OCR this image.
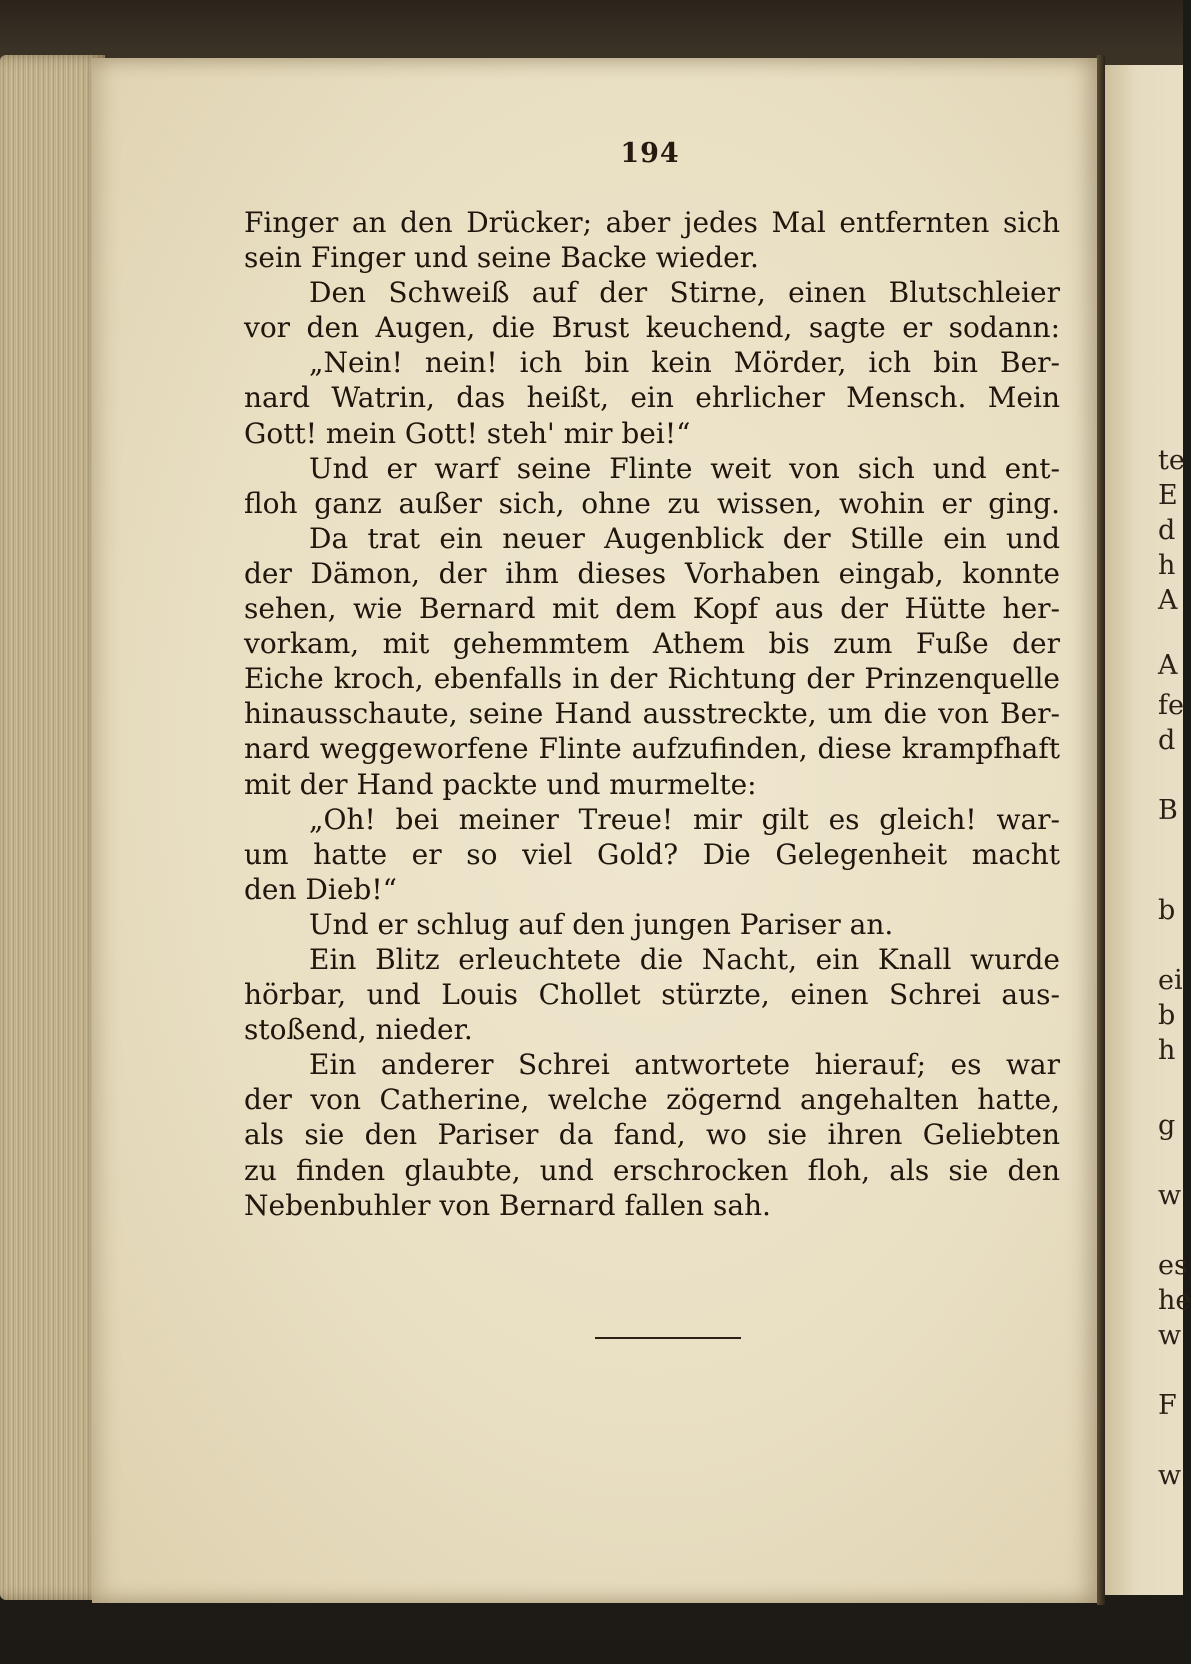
te
E
d
h
A
A
fe
d
B
b
ei
b
h
g
w
es
he
w
F
w
194
Finger an den Drücker; aber jedes Mal entfernten sich
sein Finger und seine Backe wieder.
Den Schweiß auf der Stirne, einen Blutschleier
vor den Augen, die Brust keuchend, sagte er sodann:
„Nein! nein! ich bin kein Mörder, ich bin Ber-
nard Watrin, das heißt, ein ehrlicher Mensch. Mein
Gott! mein Gott! steh' mir bei!“
Und er warf seine Flinte weit von sich und ent-
floh ganz außer sich, ohne zu wissen, wohin er ging.
Da trat ein neuer Augenblick der Stille ein und
der Dämon, der ihm dieses Vorhaben eingab, konnte
sehen, wie Bernard mit dem Kopf aus der Hütte her-
vorkam, mit gehemmtem Athem bis zum Fuße der
Eiche kroch, ebenfalls in der Richtung der Prinzenquelle
hinausschaute, seine Hand ausstreckte, um die von Ber-
nard weggeworfene Flinte aufzufinden, diese krampfhaft
mit der Hand packte und murmelte:
„Oh! bei meiner Treue! mir gilt es gleich! war-
um hatte er so viel Gold? Die Gelegenheit macht
den Dieb!“
Und er schlug auf den jungen Pariser an.
Ein Blitz erleuchtete die Nacht, ein Knall wurde
hörbar, und Louis Chollet stürzte, einen Schrei aus-
stoßend, nieder.
Ein anderer Schrei antwortete hierauf; es war
der von Catherine, welche zögernd angehalten hatte,
als sie den Pariser da fand, wo sie ihren Geliebten
zu finden glaubte, und erschrocken floh, als sie den
Nebenbuhler von Bernard fallen sah.
